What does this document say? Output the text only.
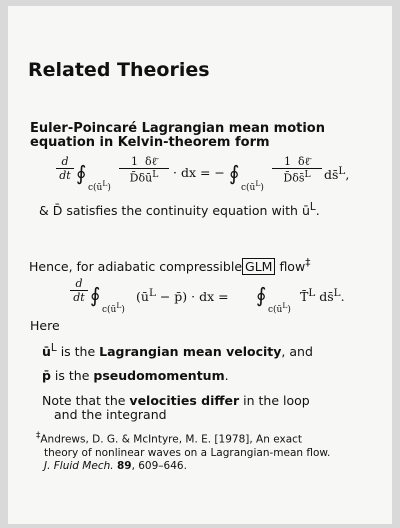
Related Theories
Euler-Poincaré Lagrangian mean motion
equation in Kelvin-theorem form
$\frac{d}{dt}$ ∮
$c(ū^L)$
1 δℓ̄
$D̄\delta ū^L$	· dx = − ∮
$c(ū^L)$
1 δℓ̄
D̄δs̄$^L$	ds̄$^L$,
& D̄ satisfies the continuity equation with $ū^L$.
Hence, for adiabatic compressible GLM flow‡
$\frac{d}{dt}$ ∮
$c(ū^L)$
($ū^L$ − p̄) · dx = ∮
$c(ū^L)$
T̄$^L$ ds̄$^L$.
Here
$ū^L$ is the Lagrangian mean velocity, and
p̄ is the pseudomomentum.
Note that the velocities differ in the loop
and the integrand
‡Andrews, D. G. & McIntyre, M. E. [1978], An exact
theory of nonlinear waves on a Lagrangian-mean flow.
J. Fluid Mech. 89, 609–646.
